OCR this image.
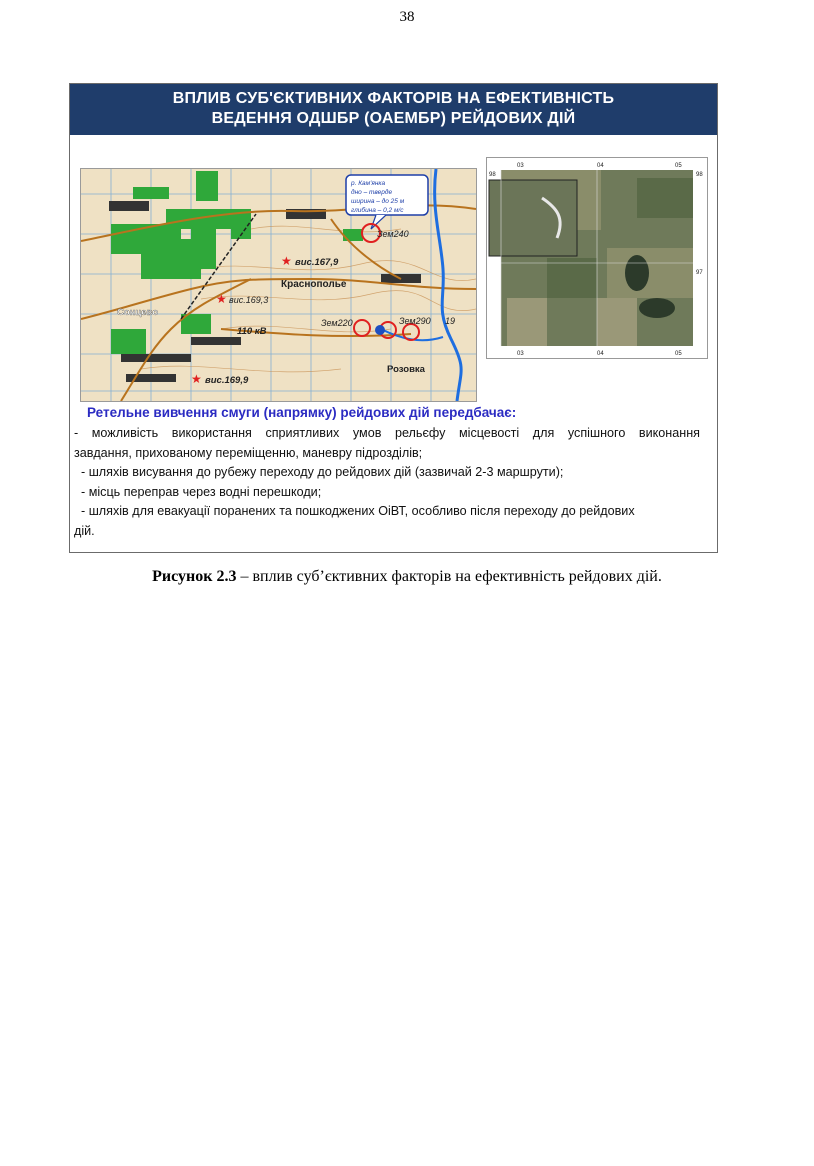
38
ВПЛИВ СУБ'ЄКТИВНИХ ФАКТОРІВ НА ЕФЕКТИВНІСТЬ
ВЕДЕННЯ ОДШБР (ОАЕМБР) РЕЙДОВИХ ДІЙ
★
★
★
вис.167,9
вис.169,3
вис.169,9
Краснополье
Сонцево
Розовка
110 кВ
р. Кам'янка
дно – тверде
ширина – до 25 м
глибина – 0,2 м/с
Зем240
Зем220	Зем290 19
03	04	05
03	04	05
98
97
98
97
Ретельне вивчення смуги (напрямку) рейдових дій передбачає:

- можливість використання сприятливих умов рельєфу місцевості для успішного виконання

завдання, прихованому переміщенню, маневру підрозділів;

- шляхів висування до рубежу переходу до рейдових дій (зазвичай 2-3 маршрути);

- місць переправ через водні перешкоди;

- шляхів для евакуації поранених та пошкоджених ОіВТ, особливо після переходу до рейдових

дій.

Рисунок 2.3 – вплив суб’єктивних факторів на ефективність рейдових дій.
